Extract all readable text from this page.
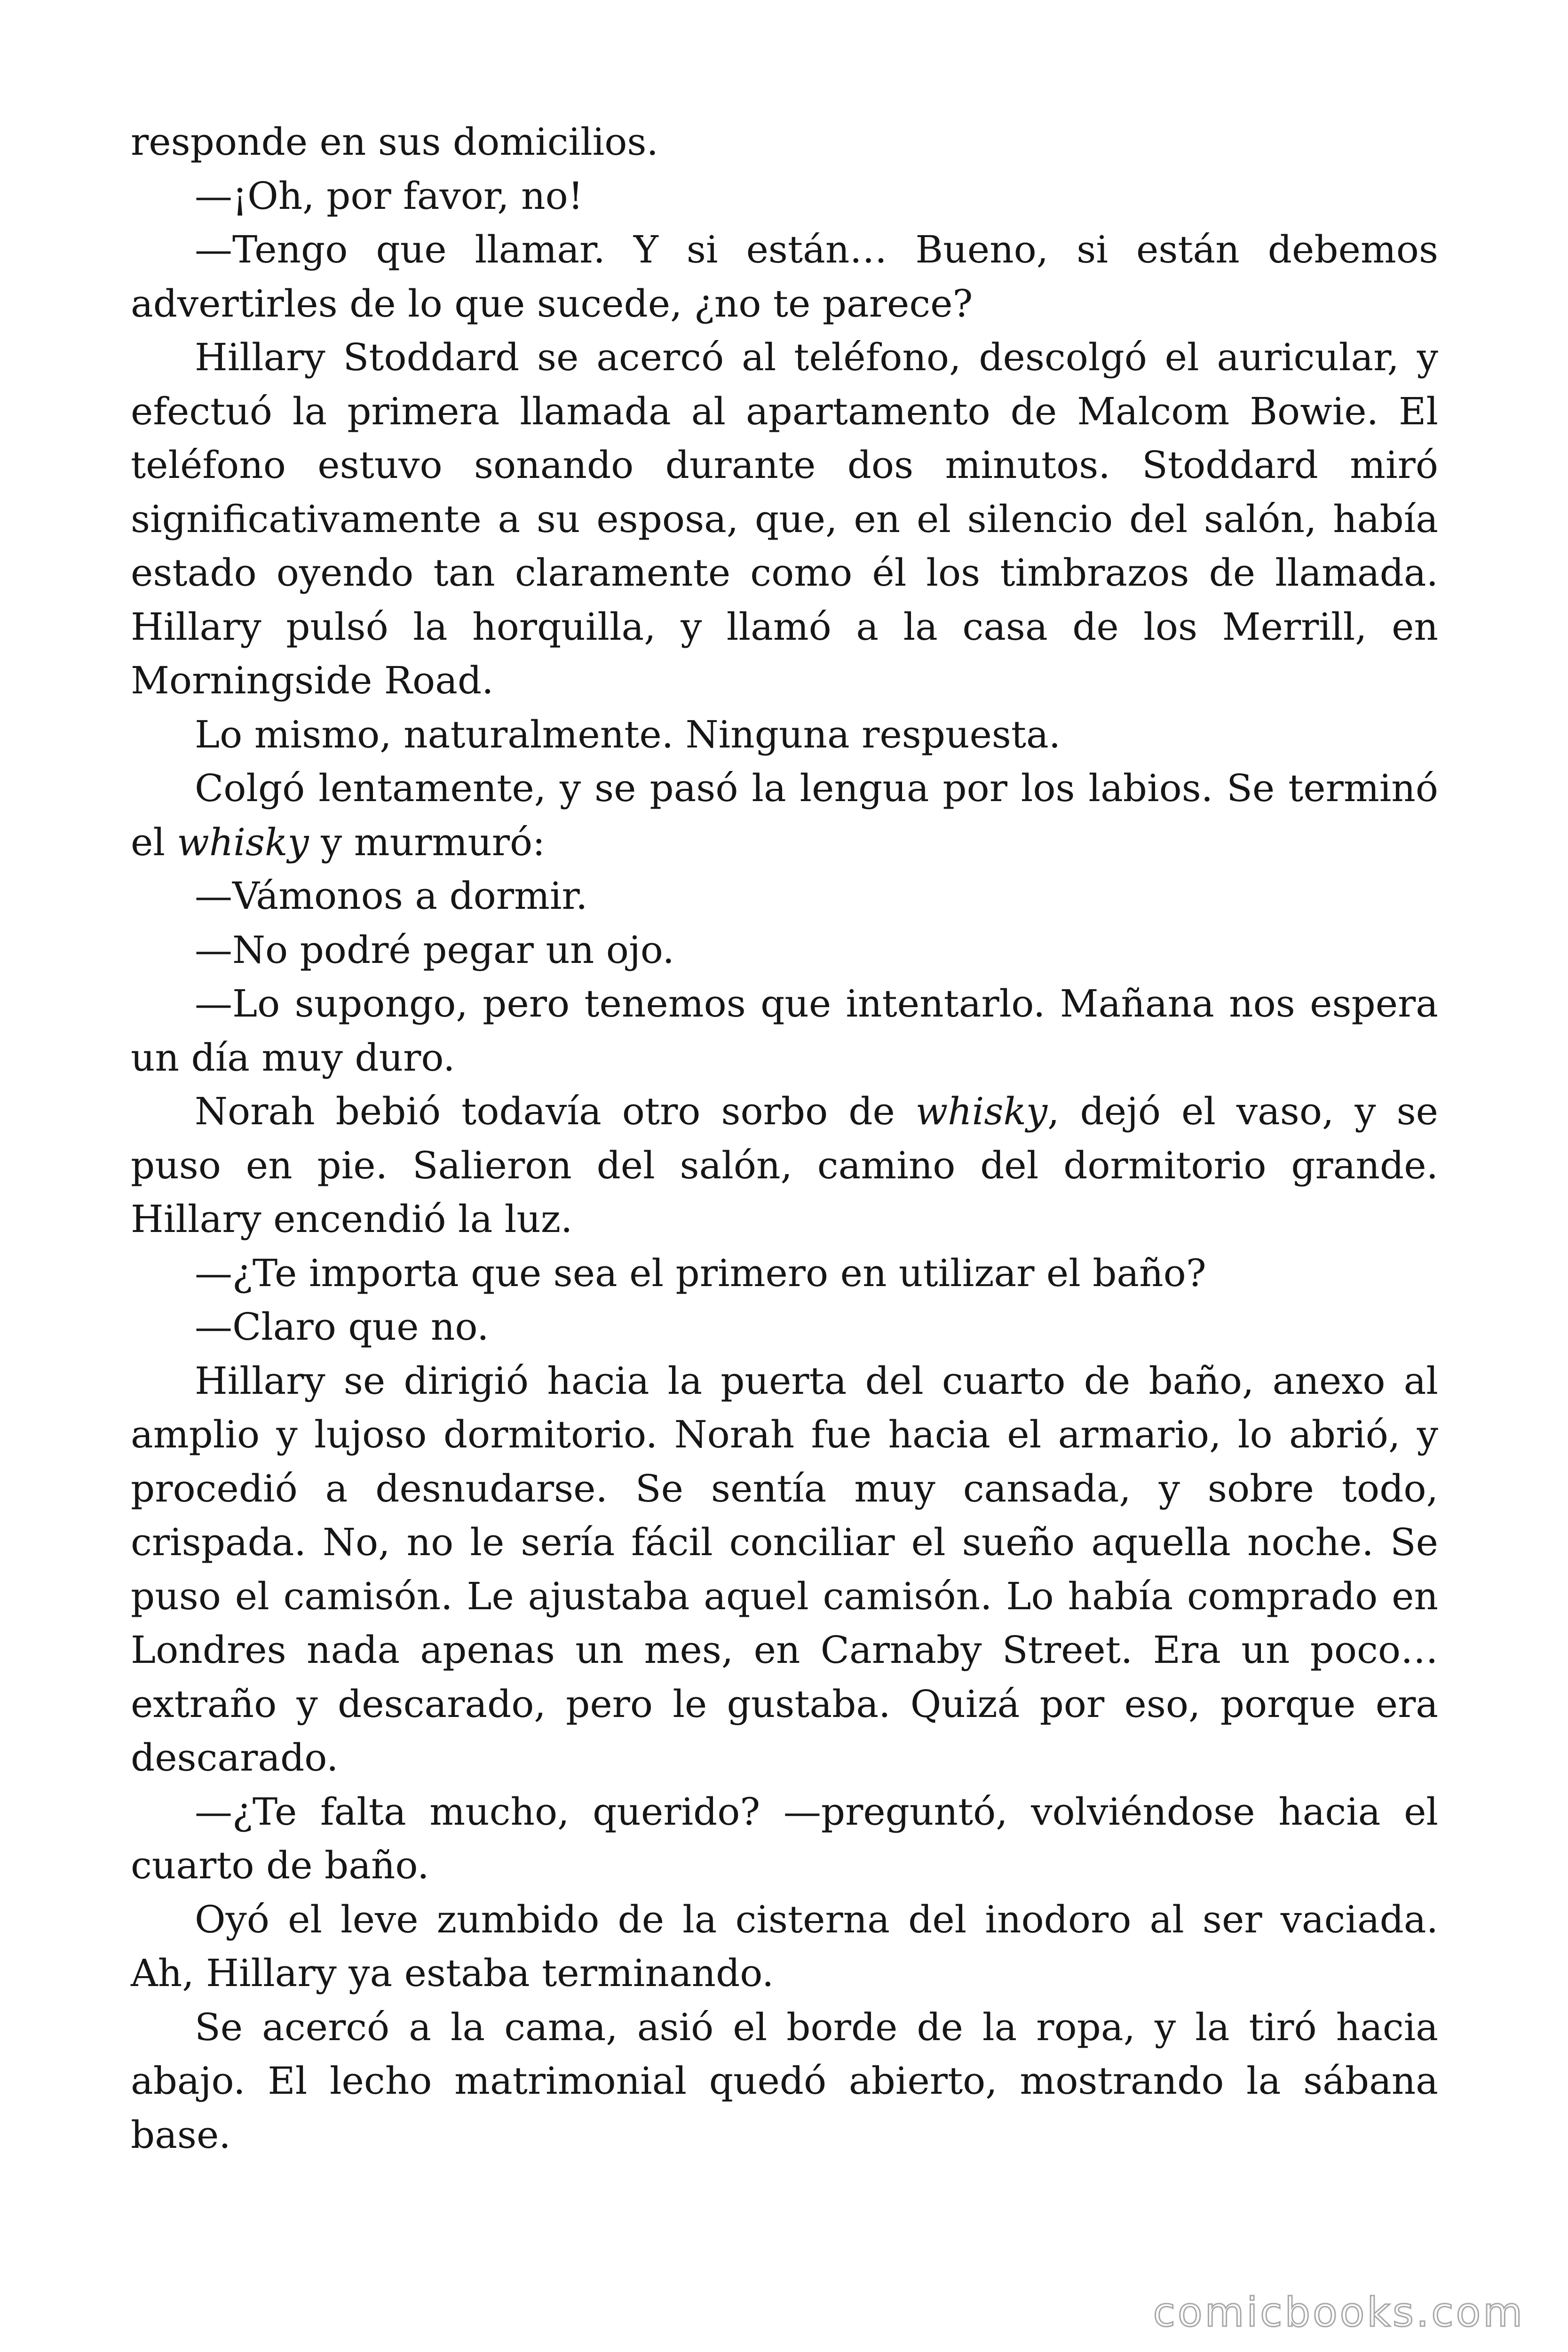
responde en sus domicilios.

—¡Oh, por favor, no!

—Tengo que llamar. Y si están… Bueno, si están debemos advertirles de lo que sucede, ¿no te parece?

Hillary Stoddard se acercó al teléfono, descolgó el auricular, y efectuó la primera llamada al apartamento de Malcom Bowie. El teléfono estuvo sonando durante dos minutos. Stoddard miró significativamente a su esposa, que, en el silencio del salón, había estado oyendo tan claramente como él los timbrazos de llamada. Hillary pulsó la horquilla, y llamó a la casa de los Merrill, en Morningside Road.

Lo mismo, naturalmente. Ninguna respuesta.

Colgó lentamente, y se pasó la lengua por los labios. Se terminó el whisky y murmuró:

—Vámonos a dormir.

—No podré pegar un ojo.

—Lo supongo, pero tenemos que intentarlo. Mañana nos espera un día muy duro.

Norah bebió todavía otro sorbo de whisky, dejó el vaso, y se puso en pie. Salieron del salón, camino del dormitorio grande. Hillary encendió la luz.

—¿Te importa que sea el primero en utilizar el baño?

—Claro que no.

Hillary se dirigió hacia la puerta del cuarto de baño, anexo al amplio y lujoso dormitorio. Norah fue hacia el armario, lo abrió, y procedió a desnudarse. Se sentía muy cansada, y sobre todo, crispada. No, no le sería fácil conciliar el sueño aquella noche. Se puso el camisón. Le ajustaba aquel camisón. Lo había comprado en Londres nada apenas un mes, en Carnaby Street. Era un poco… extraño y descarado, pero le gustaba. Quizá por eso, porque era descarado.

—¿Te falta mucho, querido? —preguntó, volviéndose hacia el cuarto de baño.

Oyó el leve zumbido de la cisterna del inodoro al ser vaciada. Ah, Hillary ya estaba terminando.

Se acercó a la cama, asió el borde de la ropa, y la tiró hacia abajo. El lecho matrimonial quedó abierto, mostrando la sábana base.

comicbooks.com
